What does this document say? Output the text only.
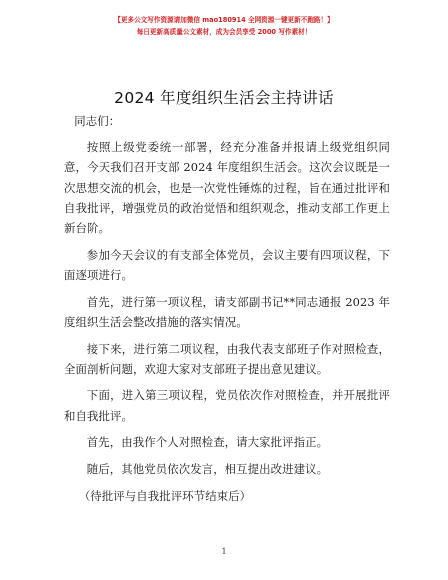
【更多公文写作资源请加微信 mao180914 全网资源一键更新不跑路！】
每日更新高质量公文素材，成为会员享受 2000 写作素材！
2024 年度组织生活会主持讲话

同志们：

按照上级党委统一部署，经充分准备并报请上级党组织同意，今天我们召开支部 2024 年度组织生活会。这次会议既是一次思想交流的机会，也是一次党性锤炼的过程，旨在通过批评和自我批评，增强党员的政治觉悟和组织观念，推动支部工作更上新台阶。

参加今天会议的有支部全体党员，会议主要有四项议程，下面逐项进行。

首先，进行第一项议程，请支部副书记**同志通报 2023 年度组织生活会整改措施的落实情况。

接下来，进行第二项议程，由我代表支部班子作对照检查，全面剖析问题，欢迎大家对支部班子提出意见建议。

下面，进入第三项议程，党员依次作对照检查，并开展批评和自我批评。

首先，由我作个人对照检查，请大家批评指正。

随后，其他党员依次发言，相互提出改进建议。

（待批评与自我批评环节结束后）

1
